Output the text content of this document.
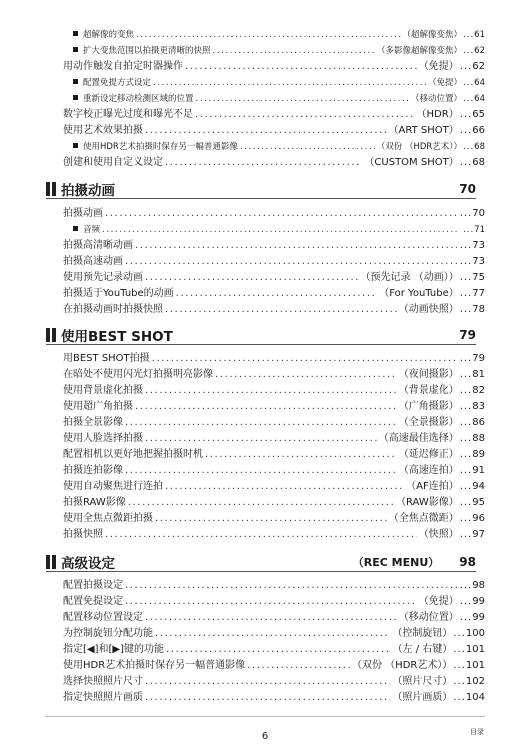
超解像的变焦 .....	（超解像变焦）	... 61
扩大变焦范围以拍摄更清晰的快照 .....	（多影像超解像变焦）	... 62
用动作触发自拍定时器操作 .....	（免提）	... 62
配置免提方式设定 .....	（免提）	... 64
重新设定移动检测区域的位置 .....	（移动位置）	... 64
数字校正曝光过度和曝光不足 .....	（HDR）	... 65
使用艺术效果拍摄 .....	（ART SHOT）	... 66
使用HDR艺术拍摄时保存另一幅普通影像 .....	（双份 （HDR艺术））	... 68
创建和使用自定义设定 .....	（CUSTOM SHOT）	... 68
拍摄动画	70
拍摄动画 .....	... 70
音频 .....	... 71
拍摄高清晰动画 .....	... 73
拍摄高速动画 .....	... 73
使用预先记录动画 .....	（预先记录 （动画））	... 75
拍摄适于YouTube的动画 .....	（For YouTube）	... 77
在拍摄动画时拍摄快照 .....	（动画快照）	... 78
使用BEST SHOT	79
用BEST SHOT拍摄 .....	... 79
在暗处不使用闪光灯拍摄明亮影像 .....	（夜间摄影）	... 81
使用背景虚化拍摄 .....	（背景虚化）	... 82
使用超广角拍摄 .....	（广角摄影）	... 83
拍摄全景影像 .....	（全景摄影）	... 86
使用人脸选择拍摄 .....	（高速最佳选择）	... 88
配置相机以更好地把握拍摄时机 .....	（延迟修正）	... 89
拍摄连拍影像 .....	（高速连拍）	... 91
使用自动聚焦进行连拍 .....	（AF连拍）	... 94
拍摄RAW影像 .....	（RAW影像）	... 95
使用全焦点微距拍摄 .....	（全焦点微距）	... 96
拍摄快照 .....	（快照）	... 97
高级设定	（REC MENU） 98
配置拍摄设定 .....	... 98
配置免提设定 .....	（免提）	... 99
配置移动位置设定 .....	（移动位置）	... 99
为控制旋钮分配功能 .....	（控制旋钮）	... 100
指定[◀]和[▶]键的功能 .....	（左 / 右键）	... 101
使用HDR艺术拍摄时保存另一幅普通影像 .....	（双份 （HDR艺术））	... 101
选择快照照片尺寸 .....	（照片尺寸）	... 102
指定快照照片画质 .....	（照片画质）	... 104
6	目录
